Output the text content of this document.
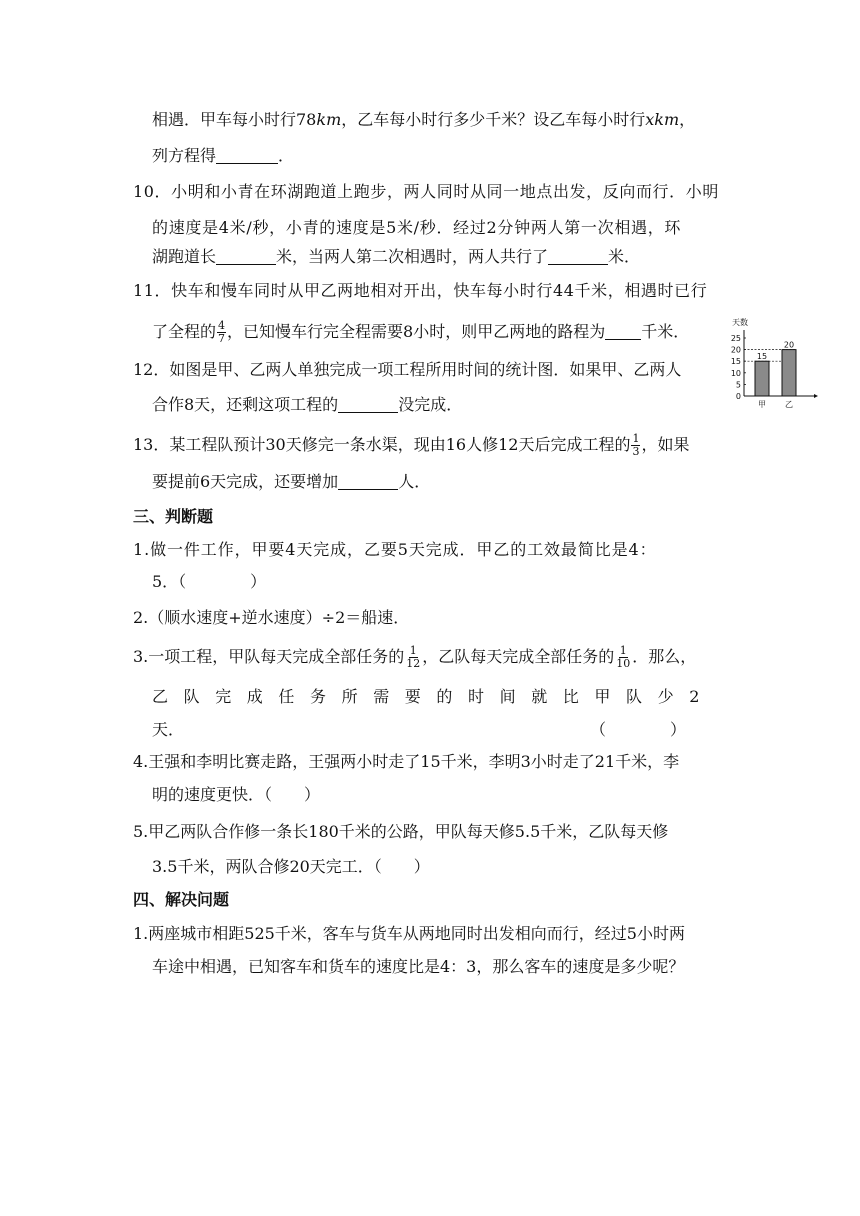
相遇．甲车每小时行78km，乙车每小时行多少千米？设乙车每小时行xkm，
列方程得	．
10．小明和小青在环湖跑道上跑步，两人同时从同一地点出发，反向而行．小明
的速度是4米/秒，小青的速度是5米/秒．经过2分钟两人第一次相遇，环
湖跑道长	米，当两人第二次相遇时，两人共行了	米．
11．快车和慢车同时从甲乙两地相对开出，快车每小时行44千米，相遇时已行
了全程的 $\frac{4}{7}$ ，已知慢车行完全程需要8小时，则甲乙两地的路程为 千米．
12．如图是甲、乙两人单独完成一项工程所用时间的统计图．如果甲、乙两人
合作8天，还剩这项工程的	没完成．
天数
0
5
10
15
20
25
15
甲
20
乙
13．某工程队预计30天修完一条水渠，现由16人修12天后完成工程的 $\frac{1}{3}$ ，如果
要提前6天完成，还要增加	人．
三、判断题
1.做一件工作，甲要4天完成，乙要5天完成．甲乙的工效最简比是4：
5．（　　　　）
2.（顺水速度+逆水速度）÷2＝船速．
3.一项工程，甲队每天完成全部任务的 $\frac{1}{12}$ ，乙队每天完成全部任务的 $\frac{1}{10}$ ．那么，
乙　队　完　成　任　务　所　需　要　的　时　间　就　比　甲　队　少　2
天．	（　　　　）
4.王强和李明比赛走路，王强两小时走了15千米，李明3小时走了21千米，李
明的速度更快．（　　）
5.甲乙两队合作修一条长180千米的公路，甲队每天修5.5千米，乙队每天修
3.5千米，两队合修20天完工．（　　）
四、解决问题
1.两座城市相距525千米，客车与货车从两地同时出发相向而行，经过5小时两
车途中相遇，已知客车和货车的速度比是4：3，那么客车的速度是多少呢？
